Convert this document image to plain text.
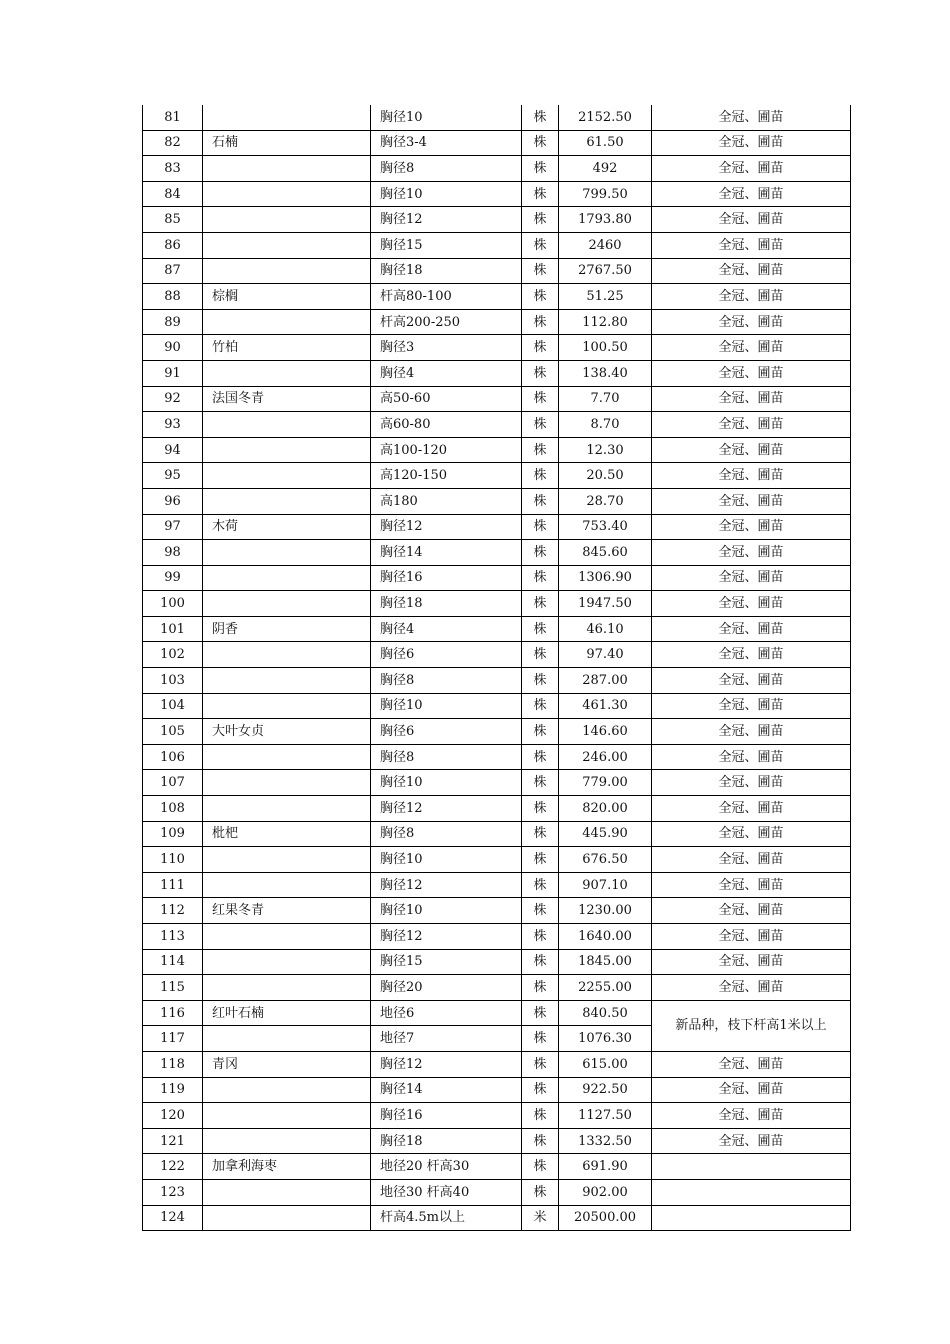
81		胸径10	株	2152.50	全冠、圃苗
82	石楠	胸径3-4	株	61.50	全冠、圃苗
83		胸径8	株	492	全冠、圃苗
84		胸径10	株	799.50	全冠、圃苗
85		胸径12	株	1793.80	全冠、圃苗
86		胸径15	株	2460	全冠、圃苗
87		胸径18	株	2767.50	全冠、圃苗
88	棕榈	杆高80-100	株	51.25	全冠、圃苗
89		杆高200-250	株	112.80	全冠、圃苗
90	竹柏	胸径3	株	100.50	全冠、圃苗
91		胸径4	株	138.40	全冠、圃苗
92	法国冬青	高50-60	株	7.70	全冠、圃苗
93		高60-80	株	8.70	全冠、圃苗
94		高100-120	株	12.30	全冠、圃苗
95		高120-150	株	20.50	全冠、圃苗
96		高180	株	28.70	全冠、圃苗
97	木荷	胸径12	株	753.40	全冠、圃苗
98		胸径14	株	845.60	全冠、圃苗
99		胸径16	株	1306.90	全冠、圃苗
100		胸径18	株	1947.50	全冠、圃苗
101	阴香	胸径4	株	46.10	全冠、圃苗
102		胸径6	株	97.40	全冠、圃苗
103		胸径8	株	287.00	全冠、圃苗
104		胸径10	株	461.30	全冠、圃苗
105	大叶女贞	胸径6	株	146.60	全冠、圃苗
106		胸径8	株	246.00	全冠、圃苗
107		胸径10	株	779.00	全冠、圃苗
108		胸径12	株	820.00	全冠、圃苗
109	枇杷	胸径8	株	445.90	全冠、圃苗
110		胸径10	株	676.50	全冠、圃苗
111		胸径12	株	907.10	全冠、圃苗
112	红果冬青	胸径10	株	1230.00	全冠、圃苗
113		胸径12	株	1640.00	全冠、圃苗
114		胸径15	株	1845.00	全冠、圃苗
115		胸径20	株	2255.00	全冠、圃苗
116	红叶石楠	地径6	株	840.50	新品种，枝下杆高1米以上
117		地径7	株	1076.30	
118	青冈	胸径12	株	615.00	全冠、圃苗
119		胸径14	株	922.50	全冠、圃苗
120		胸径16	株	1127.50	全冠、圃苗
121		胸径18	株	1332.50	全冠、圃苗
122	加拿利海枣	地径20 杆高30	株	691.90	
123		地径30 杆高40	株	902.00	
124		杆高4.5m以上	米	20500.00	
